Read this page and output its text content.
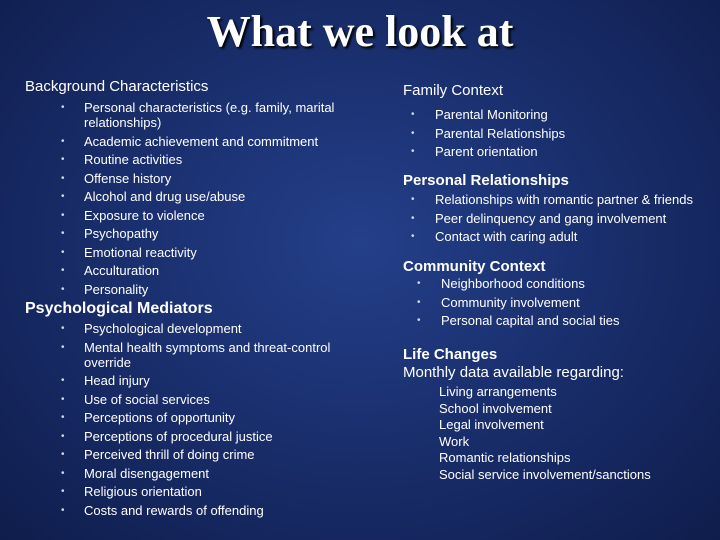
What we look at
Background Characteristics
• Personal characteristics (e.g. family, marital relationships)
• Academic achievement and commitment
• Routine activities
• Offense history
• Alcohol and drug use/abuse
• Exposure to violence
• Psychopathy
• Emotional reactivity
• Acculturation
• Personality
Psychological Mediators
• Psychological development
• Mental health symptoms and threat-control override
• Head injury
• Use of social services
• Perceptions of opportunity
• Perceptions of procedural justice
• Perceived thrill of doing crime
• Moral disengagement
• Religious orientation
• Costs and rewards of offending
Family Context
• Parental Monitoring
• Parental Relationships
• Parent orientation
Personal Relationships
• Relationships with romantic partner & friends
• Peer delinquency and gang involvement
• Contact with caring adult
Community Context
• Neighborhood conditions
• Community involvement
• Personal capital and social ties
Life Changes
Monthly data available regarding:
Living arrangements
School involvement
Legal involvement
Work
Romantic relationships
Social service involvement/sanctions
